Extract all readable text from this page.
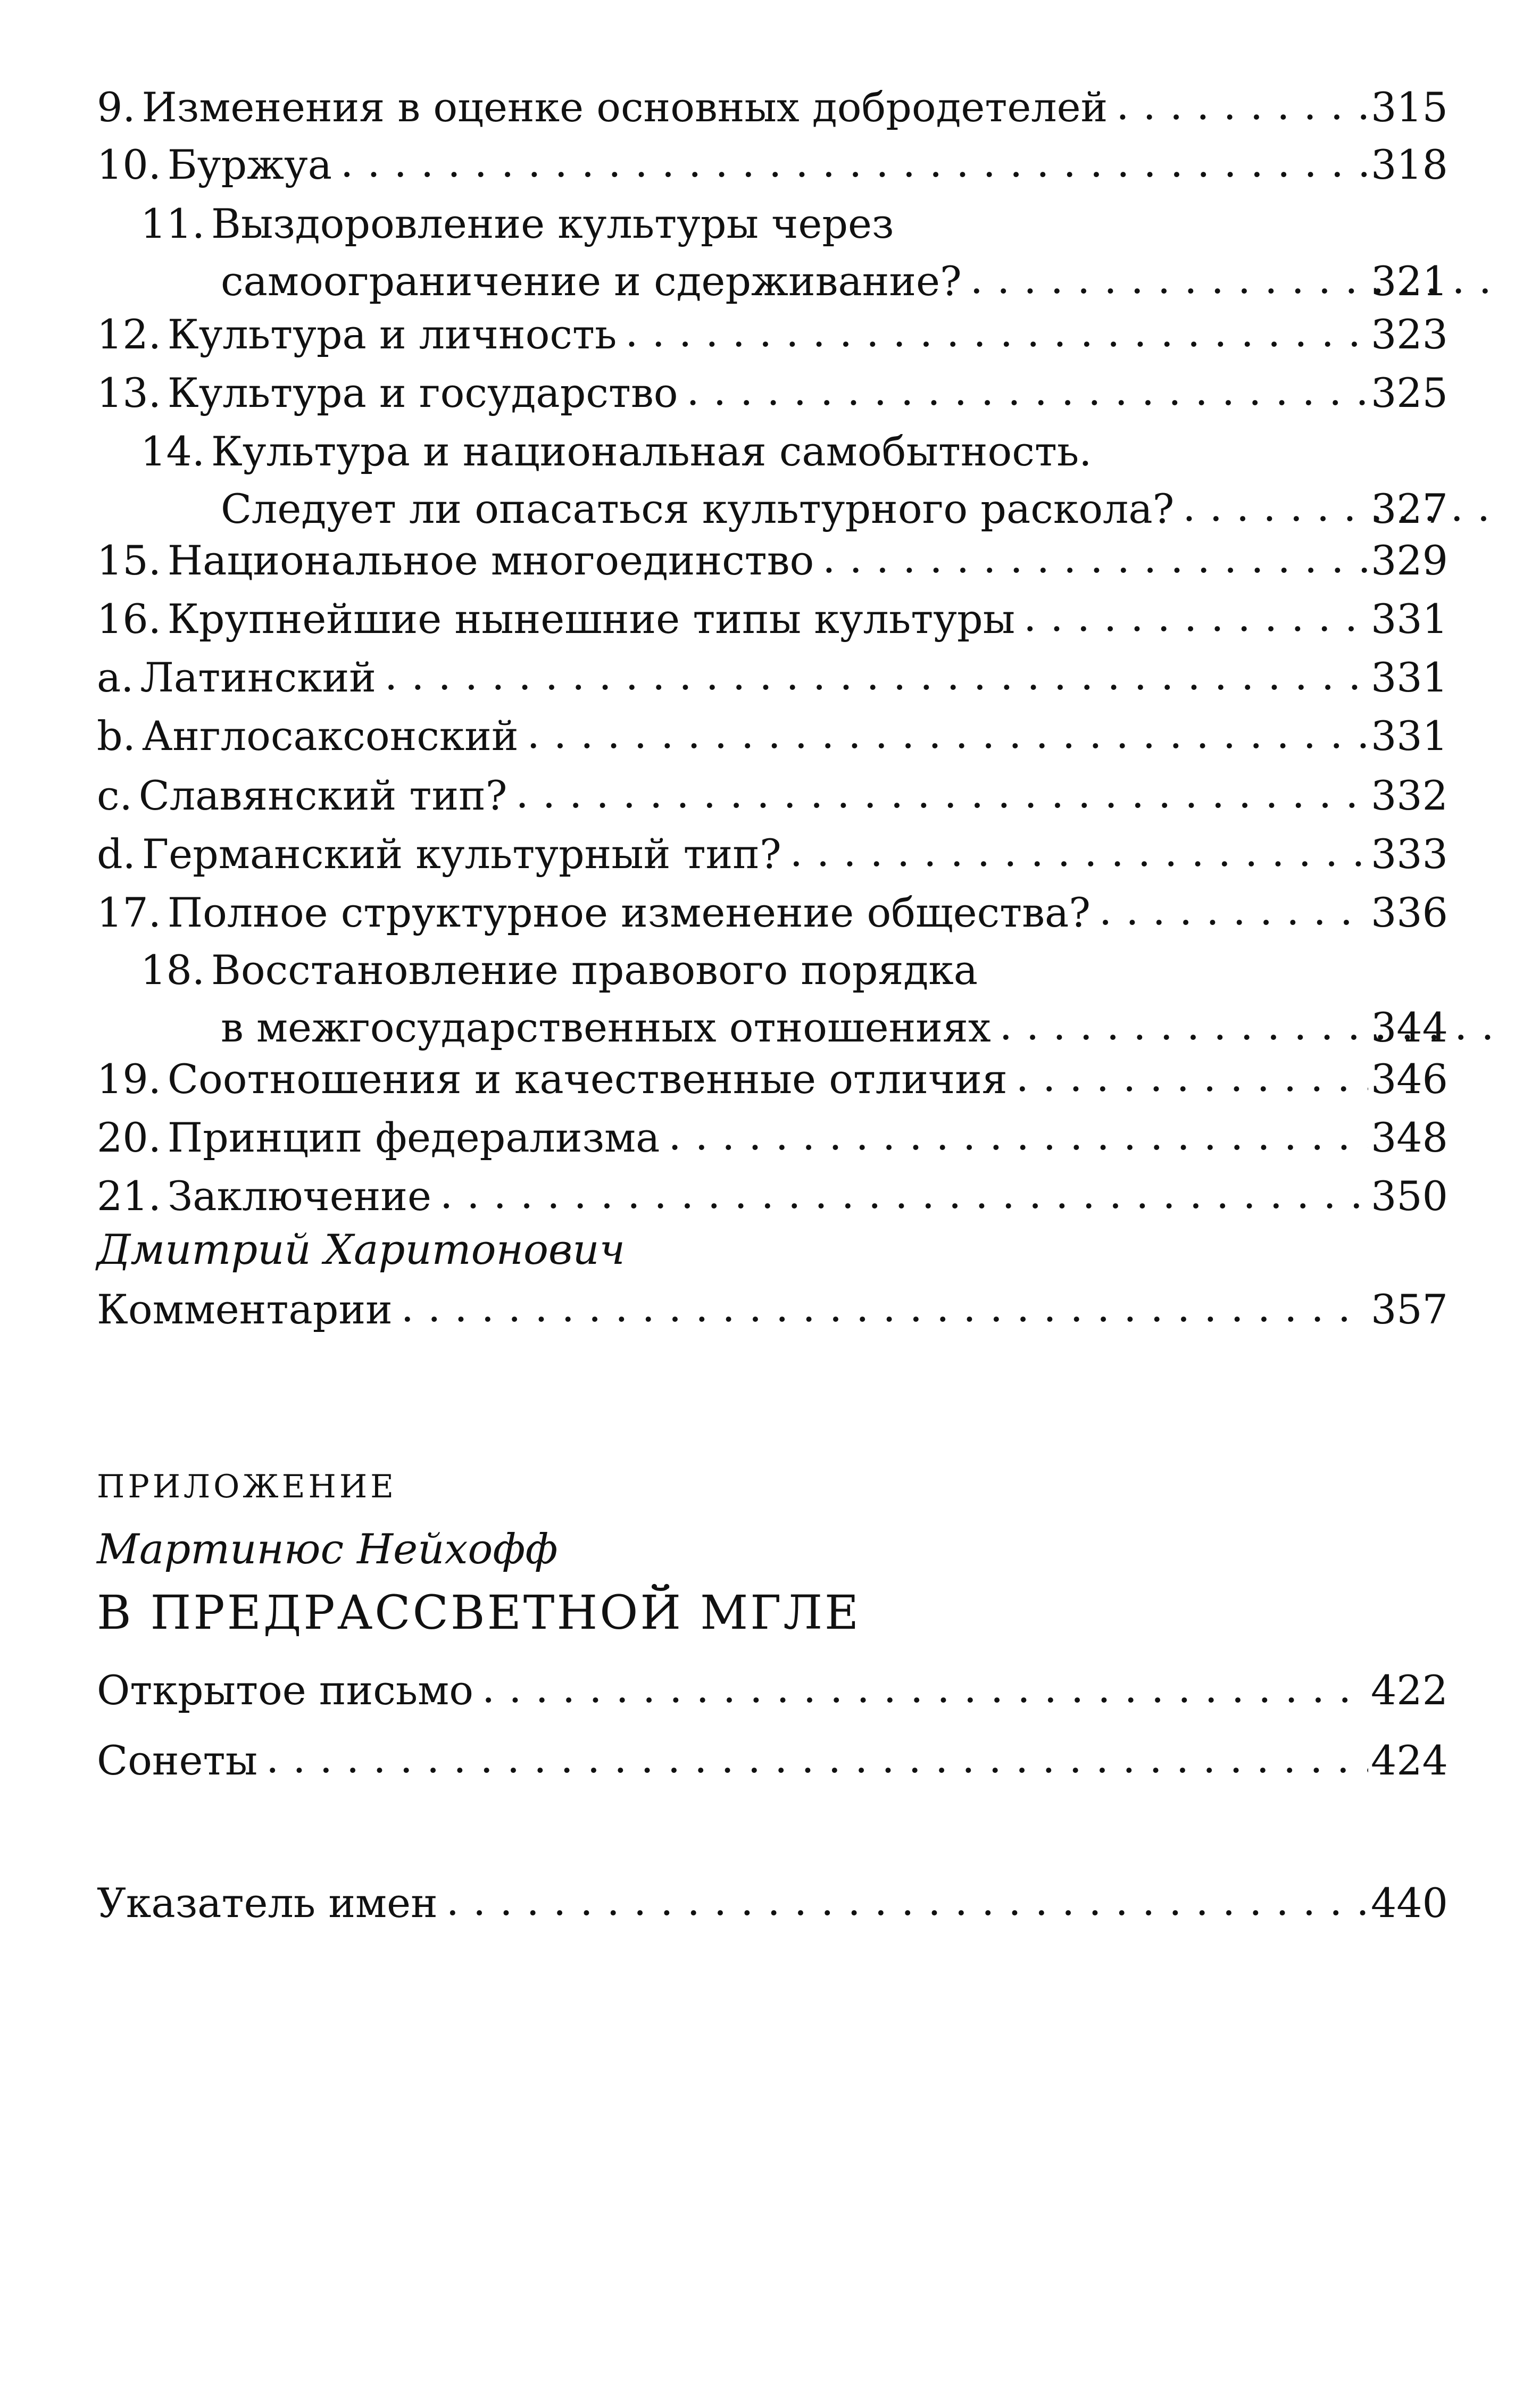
9. Изменения в оценке основных добродетелей . . .	315
10. Буржуа . . .	318
11. Выздоровление культуры через
самоограничение и сдерживание? . . .	321
12. Культура и личность . . .	323
13. Культура и государство . . .	325
14. Культура и национальная самобытность.
Следует ли опасаться культурного раскола? . . .	327
15. Национальное многоединство . . .	329
16. Крупнейшие нынешние типы культуры . . .	331
a. Латинский . . .	331
b. Англосаксонский . . .	331
c. Славянский тип? . . .	332
d. Германский культурный тип? . . .	333
17. Полное структурное изменение общества? . . .	336
18. Восстановление правового порядка
в межгосударственных отношениях . . .	344
19. Соотношения и качественные отличия . . .	346
20. Принцип федерализма . . .	348
21. Заключение . . .	350
Дмитрий Харитонович
Комментарии . . .	357
ПРИЛОЖЕНИЕ
Мартинюс Нейхофф
В ПРЕДРАССВЕТНОЙ МГЛЕ
Открытое письмо . . .	422
Сонеты . . .	424
Указатель имен . . .	440
